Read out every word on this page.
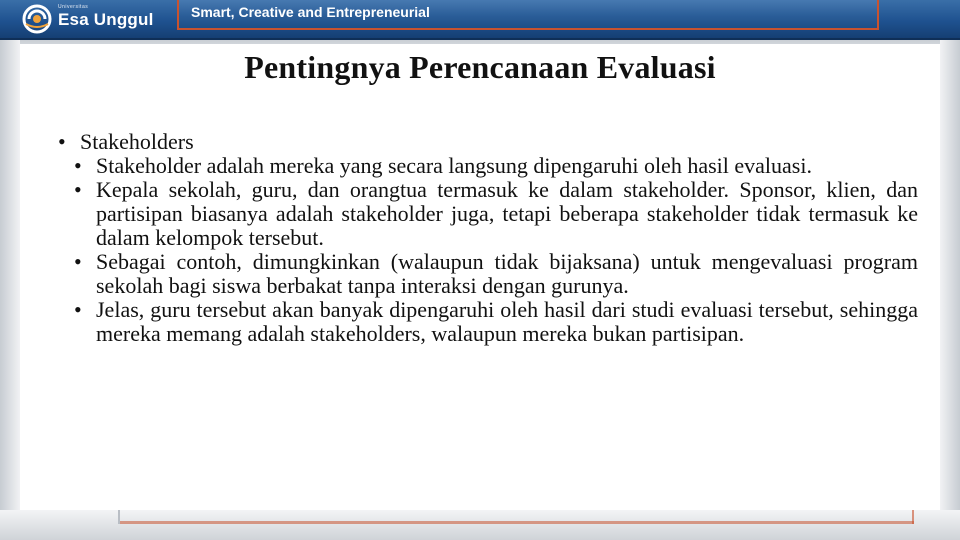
Universitas
Esa Unggul	Smart, Creative and Entrepreneurial
Pentingnya Perencanaan Evaluasi
• Stakeholders
• Stakeholder adalah mereka yang secara langsung dipengaruhi oleh hasil evaluasi.
• Kepala sekolah, guru, dan orangtua termasuk ke dalam stakeholder. Sponsor, klien, dan partisipan biasanya adalah stakeholder juga, tetapi beberapa stakeholder tidak termasuk ke dalam kelompok tersebut.
• Sebagai contoh, dimungkinkan (walaupun tidak bijaksana) untuk mengevaluasi program sekolah bagi siswa berbakat tanpa interaksi dengan gurunya.
• Jelas, guru tersebut akan banyak dipengaruhi oleh hasil dari studi evaluasi tersebut, sehingga mereka memang adalah stakeholders, walaupun mereka bukan partisipan.
